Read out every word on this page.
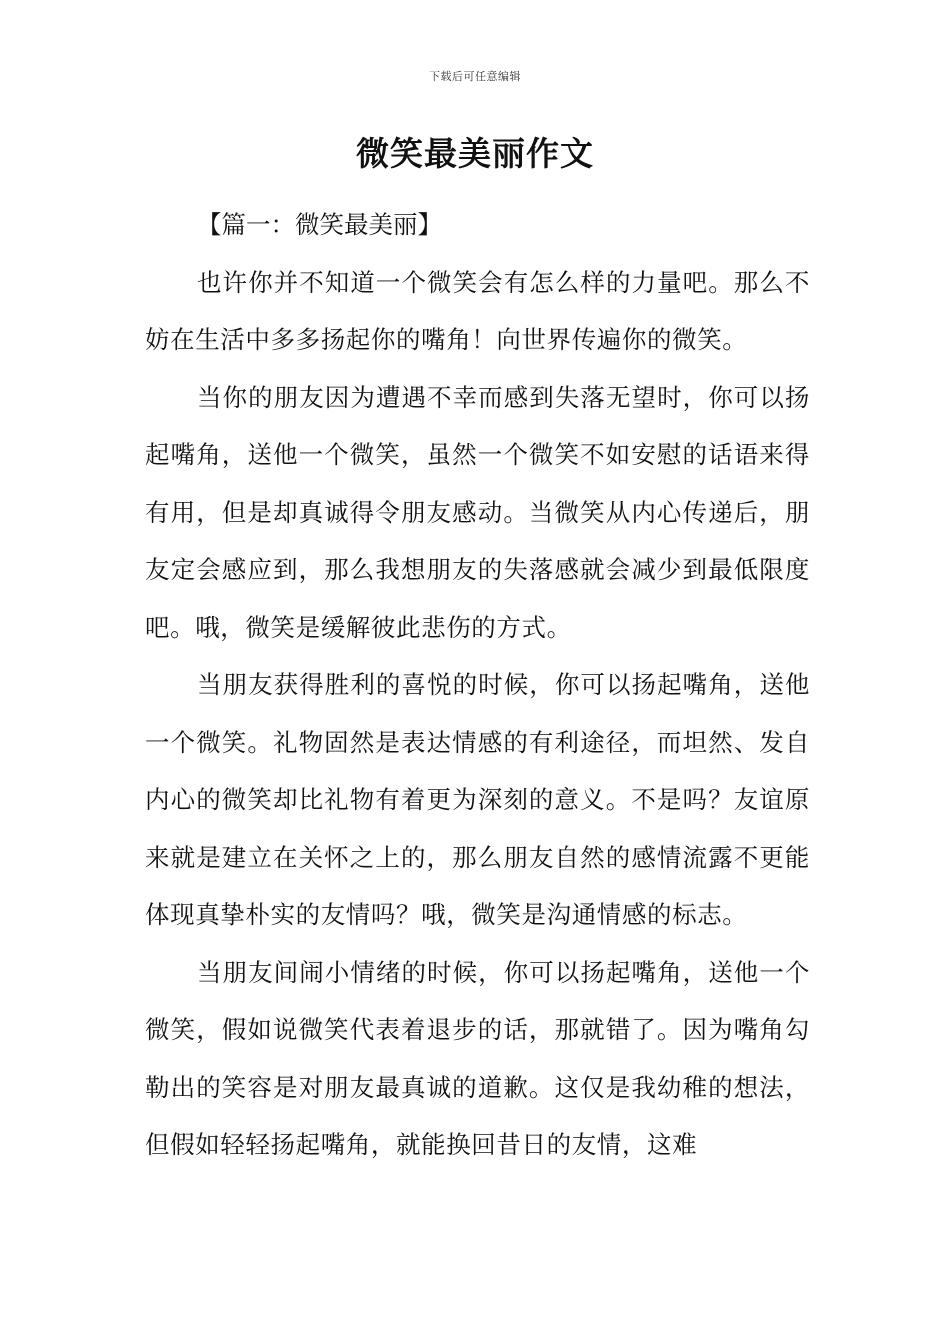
下载后可任意编辑
微笑最美丽作文

【篇一：微笑最美丽】

也许你并不知道一个微笑会有怎么样的力量吧。那么不妨在生活中多多扬起你的嘴角！向世界传遍你的微笑。

当你的朋友因为遭遇不幸而感到失落无望时，你可以扬起嘴角，送他一个微笑，虽然一个微笑不如安慰的话语来得有用，但是却真诚得令朋友感动。当微笑从内心传递后，朋友定会感应到，那么我想朋友的失落感就会减少到最低限度吧。哦，微笑是缓解彼此悲伤的方式。

当朋友获得胜利的喜悦的时候，你可以扬起嘴角，送他一个微笑。礼物固然是表达情感的有利途径，而坦然、发自内心的微笑却比礼物有着更为深刻的意义。不是吗？友谊原来就是建立在关怀之上的，那么朋友自然的感情流露不更能体现真挚朴实的友情吗？哦，微笑是沟通情感的标志。

当朋友间闹小情绪的时候，你可以扬起嘴角，送他一个微笑，假如说微笑代表着退步的话，那就错了。因为嘴角勾勒出的笑容是对朋友最真诚的道歉。这仅是我幼稚的想法，但假如轻轻扬起嘴角，就能换回昔日的友情，这难
